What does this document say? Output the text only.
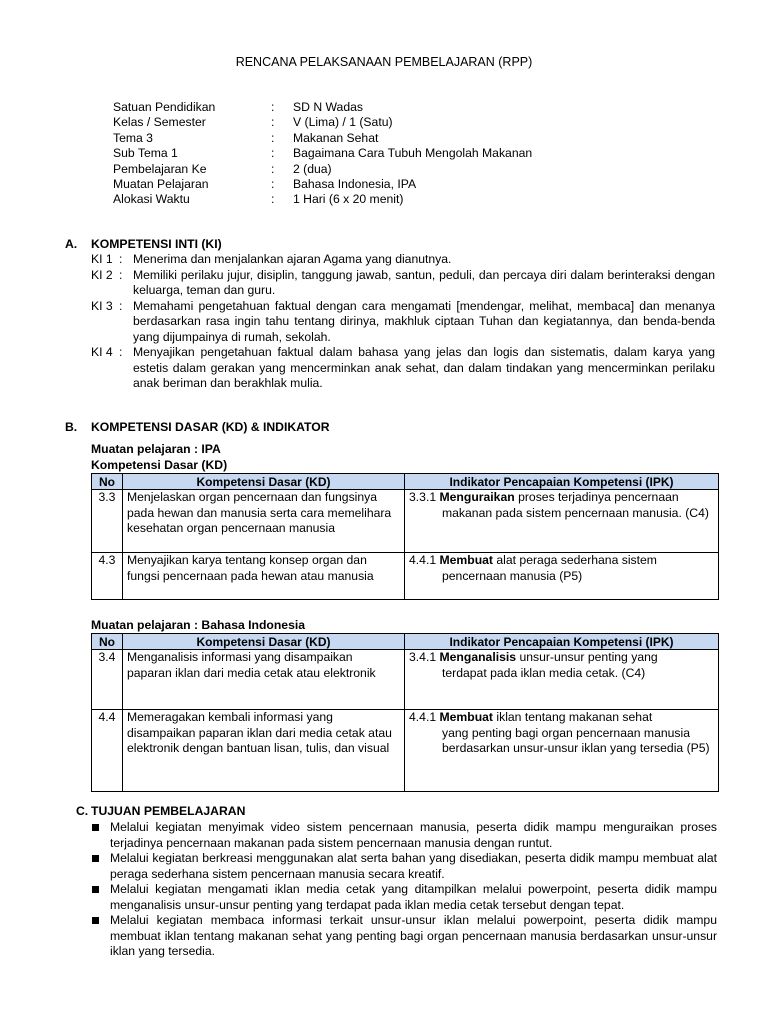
RENCANA PELAKSANAAN PEMBELAJARAN (RPP)
Satuan Pendidikan	: SD N Wadas
Kelas / Semester	: V (Lima) / 1 (Satu)
Tema 3	: Makanan Sehat
Sub Tema 1	: Bagaimana Cara Tubuh Mengolah Makanan
Pembelajaran Ke	: 2 (dua)
Muatan Pelajaran	: Bahasa Indonesia, IPA
Alokasi Waktu	: 1 Hari (6 x 20 menit)
A. KOMPETENSI INTI (KI)
KI 1 : Menerima dan menjalankan ajaran Agama yang dianutnya.
KI 2 : Memiliki perilaku jujur, disiplin, tanggung jawab, santun, peduli, dan percaya diri dalam berinteraksi dengan keluarga, teman dan guru.
KI 3 : Memahami pengetahuan faktual dengan cara mengamati [mendengar, melihat, membaca] dan menanya berdasarkan rasa ingin tahu tentang dirinya, makhluk ciptaan Tuhan dan kegiatannya, dan benda-benda yang dijumpainya di rumah, sekolah.
KI 4 : Menyajikan pengetahuan faktual dalam bahasa yang jelas dan logis dan sistematis, dalam karya yang estetis dalam gerakan yang mencerminkan anak sehat, dan dalam tindakan yang mencerminkan perilaku anak beriman dan berakhlak mulia.
B. KOMPETENSI DASAR (KD) & INDIKATOR
Muatan pelajaran : IPA
Kompetensi Dasar (KD)
No	Kompetensi Dasar (KD)	Indikator Pencapaian Kompetensi (IPK)
3.3	Menjelaskan organ pencernaan dan fungsinya pada hewan dan manusia serta cara memelihara kesehatan organ pencernaan manusia	3.3.1 Menguraikan proses terjadinya pencernaan
makanan pada sistem pencernaan manusia. (C4)

4.3	Menyajikan karya tentang konsep organ dan fungsi pencernaan pada hewan atau manusia	4.4.1 Membuat alat peraga sederhana sistem
pencernaan manusia (P5)
Muatan pelajaran : Bahasa Indonesia
No	Kompetensi Dasar (KD)	Indikator Pencapaian Kompetensi (IPK)
3.4	Menganalisis informasi yang disampaikan paparan iklan dari media cetak atau elektronik	3.4.1 Menganalisis unsur-unsur penting yang
terdapat pada iklan media cetak. (C4)

4.4	Memeragakan kembali informasi yang disampaikan paparan iklan dari media cetak atau elektronik dengan bantuan lisan, tulis, dan visual	4.4.1 Membuat iklan tentang makanan sehat
yang penting bagi organ pencernaan manusia berdasarkan unsur-unsur iklan yang tersedia (P5)
C. TUJUAN PEMBELAJARAN
Melalui kegiatan menyimak video sistem pencernaan manusia, peserta didik mampu menguraikan proses terjadinya pencernaan makanan pada sistem pencernaan manusia dengan runtut.
Melalui kegiatan berkreasi menggunakan alat serta bahan yang disediakan, peserta didik mampu membuat alat peraga sederhana sistem pencernaan manusia secara kreatif.
Melalui kegiatan mengamati iklan media cetak yang ditampilkan melalui powerpoint, peserta didik mampu menganalisis unsur-unsur penting yang terdapat pada iklan media cetak tersebut dengan tepat.
Melalui kegiatan membaca informasi terkait unsur-unsur iklan melalui powerpoint, peserta didik mampu membuat iklan tentang makanan sehat yang penting bagi organ pencernaan manusia berdasarkan unsur-unsur iklan yang tersedia.
